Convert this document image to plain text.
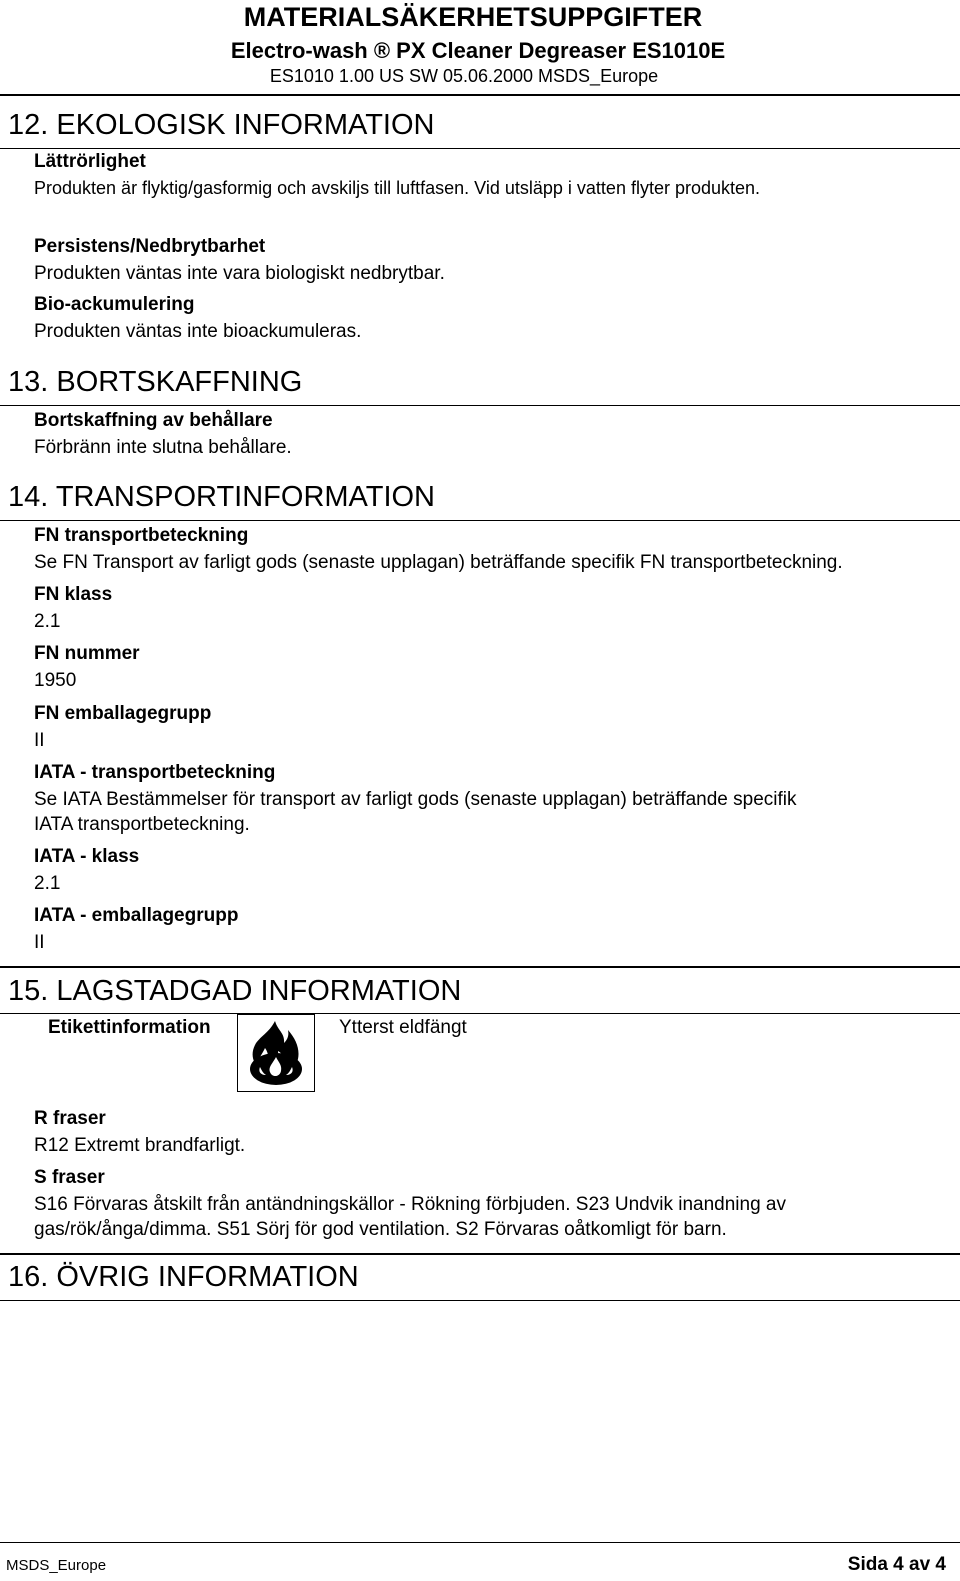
MATERIALSÄKERHETSUPPGIFTER
Electro-wash ® PX Cleaner Degreaser ES1010E
ES1010 1.00 US SW 05.06.2000 MSDS_Europe
12. EKOLOGISK INFORMATION
Lättrörlighet
Produkten är flyktig/gasformig och avskiljs till luftfasen. Vid utsläpp i vatten flyter produkten.
Persistens/Nedbrytbarhet
Produkten väntas inte vara biologiskt nedbrytbar.
Bio-ackumulering
Produkten väntas inte bioackumuleras.
13. BORTSKAFFNING
Bortskaffning av behållare
Förbränn inte slutna behållare.
14. TRANSPORTINFORMATION
FN transportbeteckning
Se FN Transport av farligt gods (senaste upplagan) beträffande specifik FN transportbeteckning.
FN klass
2.1
FN nummer
1950
FN emballagegrupp
II
IATA - transportbeteckning
Se IATA Bestämmelser för transport av farligt gods (senaste upplagan) beträffande specifik
IATA transportbeteckning.
IATA - klass
2.1
IATA - emballagegrupp
II
15. LAGSTADGAD INFORMATION
Etikettinformation	Ytterst eldfängt
R fraser
R12 Extremt brandfarligt.
S fraser
S16 Förvaras åtskilt från antändningskällor - Rökning förbjuden. S23 Undvik inandning av
gas/rök/ånga/dimma. S51 Sörj för god ventilation. S2 Förvaras oåtkomligt för barn.
16. ÖVRIG INFORMATION
MSDS_Europe	Sida 4 av 4
